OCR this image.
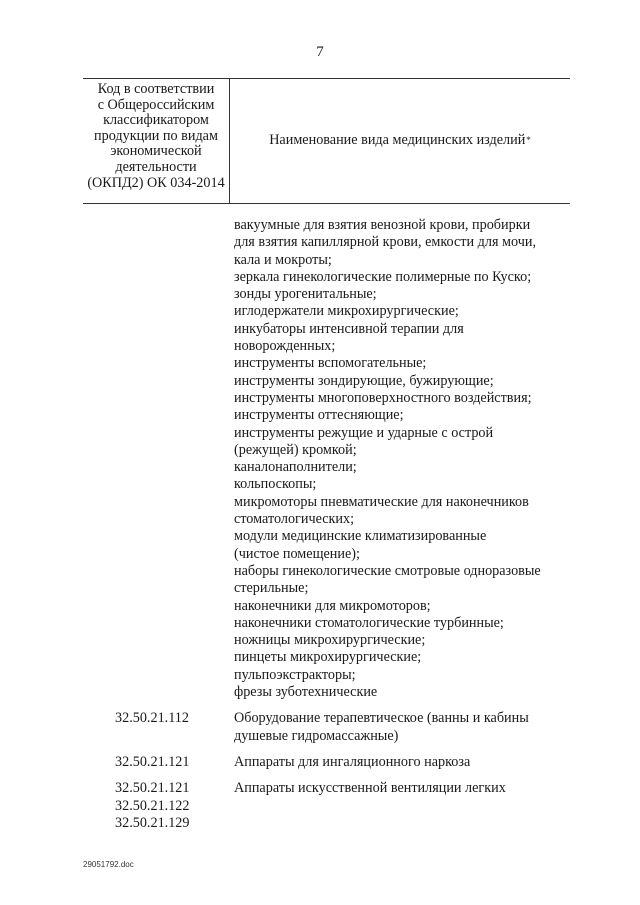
7
Код в соответствии
с Общероссийским
классификатором
продукции по видам
экономической
деятельности
(ОКПД2) ОК 034-2014
Наименование вида медицинских изделий *
вакуумные для взятия венозной крови, пробирки
для взятия капиллярной крови, емкости для мочи,
кала и мокроты;
зеркала гинекологические полимерные по Куско;
зонды урогенитальные;
иглодержатели микрохирургические;
инкубаторы интенсивной терапии для
новорожденных;
инструменты вспомогательные;
инструменты зондирующие, бужирующие;
инструменты многоповерхностного воздействия;
инструменты оттесняющие;
инструменты режущие и ударные с острой
(режущей) кромкой;
каналонаполнители;
кольпоскопы;
микромоторы пневматические для наконечников
стоматологических;
модули медицинские климатизированные
(чистое помещение);
наборы гинекологические смотровые одноразовые
стерильные;
наконечники для микромоторов;
наконечники стоматологические турбинные;
ножницы микрохирургические;
пинцеты микрохирургические;
пульпоэкстракторы;
фрезы зуботехнические
32.50.21.112	Оборудование терапевтическое (ванны и кабины
душевые гидромассажные)
32.50.21.121	Аппараты для ингаляционного наркоза
32.50.21.121
32.50.21.122
32.50.21.129
Аппараты искусственной вентиляции легких
29051792.doc
